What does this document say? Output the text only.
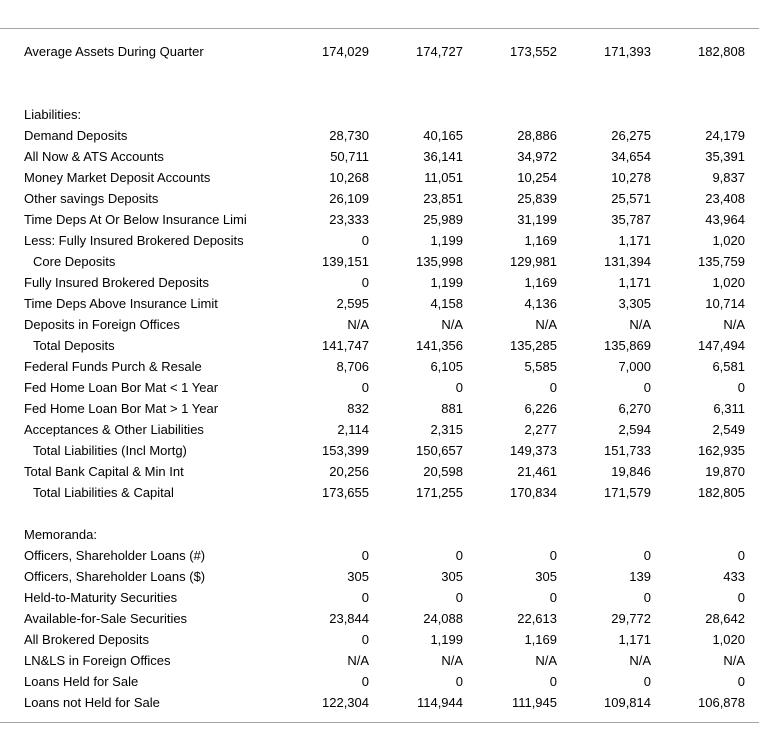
Average Assets During Quarter	174,029	174,727	173,552	171,393	182,808
Liabilities:
Demand Deposits	28,730	40,165	28,886	26,275	24,179
All Now & ATS Accounts	50,711	36,141	34,972	34,654	35,391
Money Market Deposit Accounts	10,268	11,051	10,254	10,278	9,837
Other savings Deposits	26,109	23,851	25,839	25,571	23,408
Time Deps At Or Below Insurance Limi	23,333	25,989	31,199	35,787	43,964
Less: Fully Insured Brokered Deposits	0	1,199	1,169	1,171	1,020
Core Deposits	139,151	135,998	129,981	131,394	135,759
Fully Insured Brokered Deposits	0	1,199	1,169	1,171	1,020
Time Deps Above Insurance Limit	2,595	4,158	4,136	3,305	10,714
Deposits in Foreign Offices	N/A	N/A	N/A	N/A	N/A
Total Deposits	141,747	141,356	135,285	135,869	147,494
Federal Funds Purch & Resale	8,706	6,105	5,585	7,000	6,581
Fed Home Loan Bor Mat < 1 Year	0	0	0	0	0
Fed Home Loan Bor Mat > 1 Year	832	881	6,226	6,270	6,311
Acceptances & Other Liabilities	2,114	2,315	2,277	2,594	2,549
Total Liabilities (Incl Mortg)	153,399	150,657	149,373	151,733	162,935
Total Bank Capital & Min Int	20,256	20,598	21,461	19,846	19,870
Total Liabilities & Capital	173,655	171,255	170,834	171,579	182,805
Memoranda:
Officers, Shareholder Loans (#)	0	0	0	0	0
Officers, Shareholder Loans ($)	305	305	305	139	433
Held-to-Maturity Securities	0	0	0	0	0
Available-for-Sale Securities	23,844	24,088	22,613	29,772	28,642
All Brokered Deposits	0	1,199	1,169	1,171	1,020
LN&LS in Foreign Offices	N/A	N/A	N/A	N/A	N/A
Loans Held for Sale	0	0	0	0	0
Loans not Held for Sale	122,304	114,944	111,945	109,814	106,878
